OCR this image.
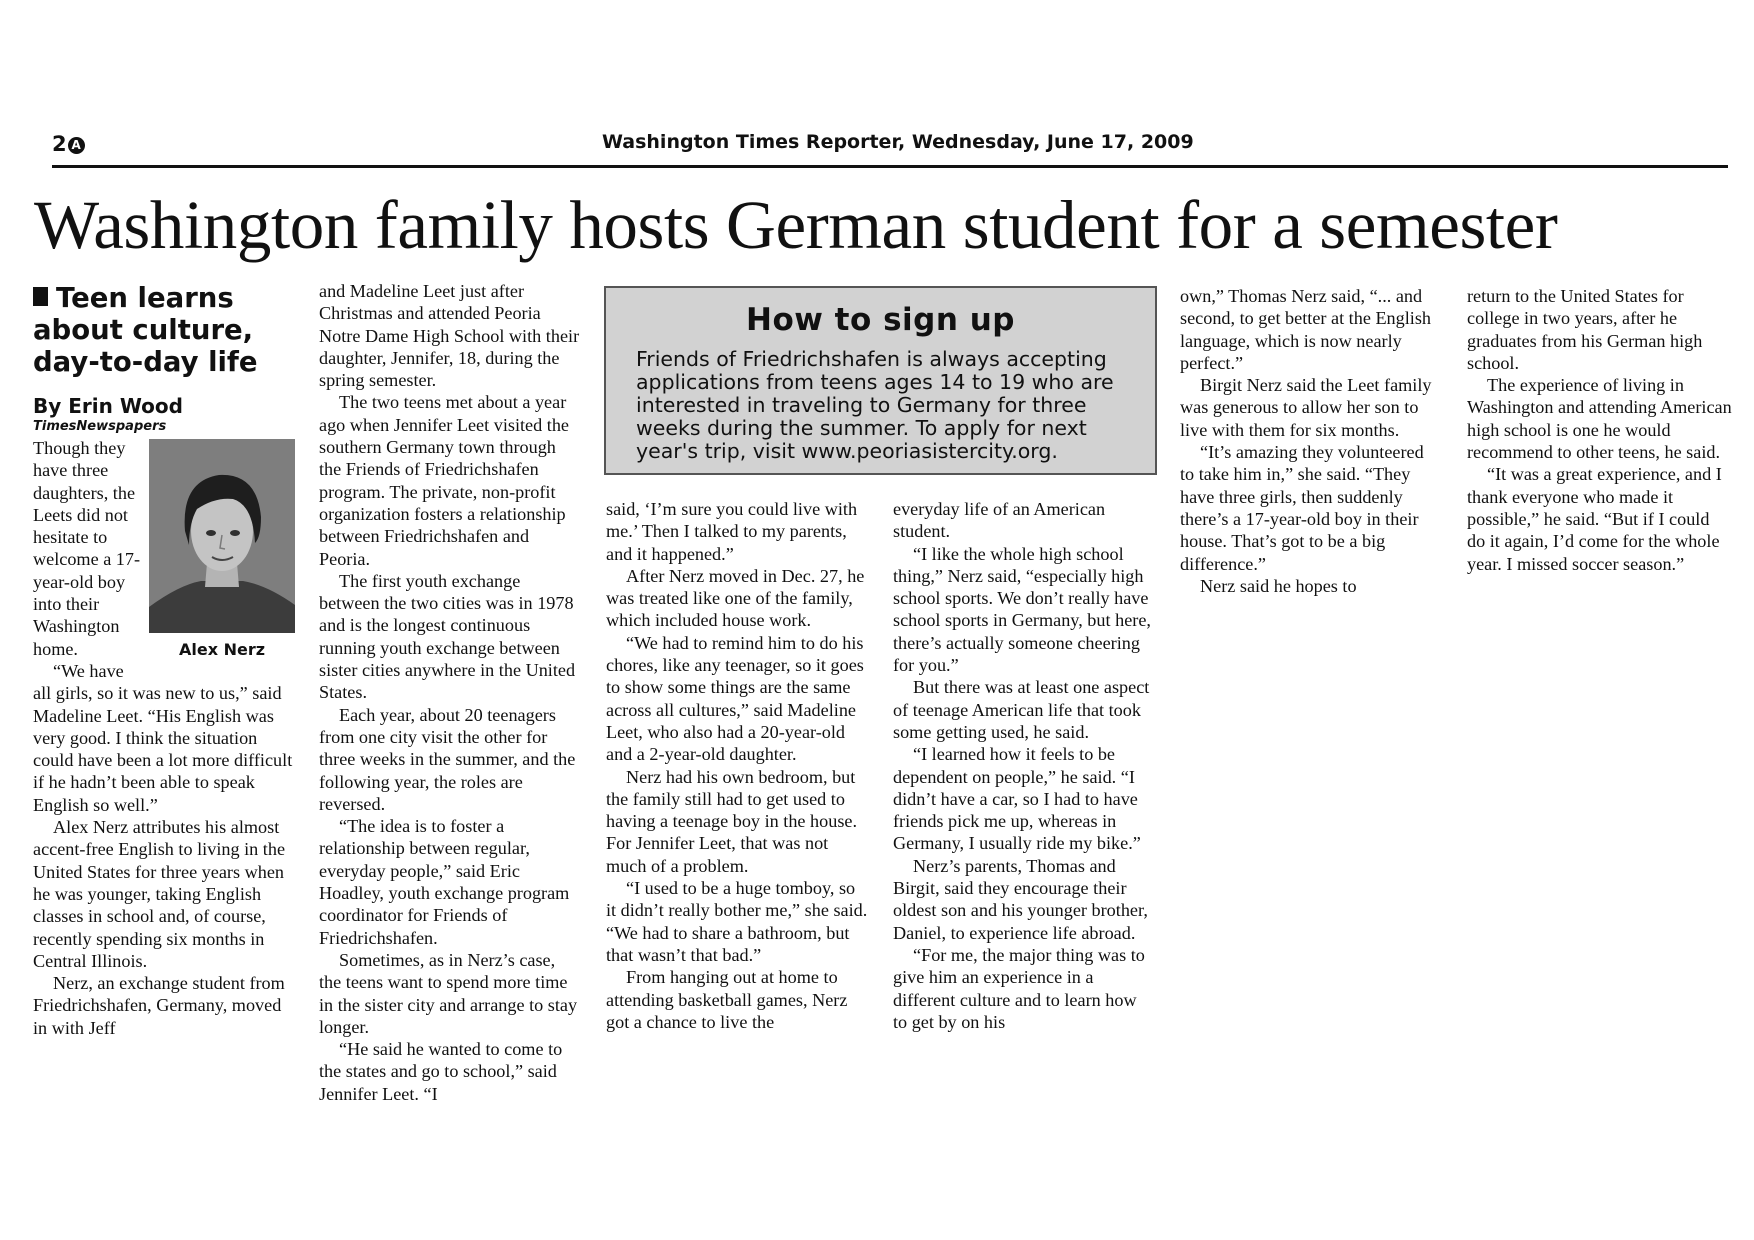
2 A	Washington Times Reporter, Wednesday, June 17, 2009
Washington family hosts German student for a semester
Teen learns about culture, day-to-day life
By Erin Wood
TimesNewspapers
Alex Nerz

Though they have three daughters, the Leets did not hesitate to welcome a 17-year-old boy into their Washington home.

“We have all girls, so it was new to us,” said Madeline Leet. “His English was very good. I think the situation could have been a lot more difficult if he hadn’t been able to speak English so well.”

Alex Nerz attributes his almost accent-free English to living in the United States for three years when he was younger, taking English classes in school and, of course, recently spending six months in Central Illinois.

Nerz, an exchange student from Friedrichshafen, Germany, moved in with Jeff

and Madeline Leet just after Christmas and attended Peoria Notre Dame High School with their daughter, Jennifer, 18, during the spring semester.

The two teens met about a year ago when Jennifer Leet visited the southern Germany town through the Friends of Friedrichshafen program. The private, non-profit organization fosters a relationship between Friedrichshafen and Peoria.

The first youth exchange between the two cities was in 1978 and is the longest continuous running youth exchange between sister cities anywhere in the United States.

Each year, about 20 teenagers from one city visit the other for three weeks in the summer, and the following year, the roles are reversed.

“The idea is to foster a relationship between regular, everyday people,” said Eric Hoadley, youth exchange program coordinator for Friends of Friedrichshafen.

Sometimes, as in Nerz’s case, the teens want to spend more time in the sister city and arrange to stay longer.

“He said he wanted to come to the states and go to school,” said Jennifer Leet. “I

How to sign up
Friends of Friedrichshafen is always accepting applications from teens ages 14 to 19 who are interested in traveling to Germany for three weeks during the summer. To apply for next year's trip, visit www.peoriasistercity.org.

said, ‘I’m sure you could live with me.’ Then I talked to my parents, and it happened.”

After Nerz moved in Dec. 27, he was treated like one of the family, which included house work.

“We had to remind him to do his chores, like any teenager, so it goes to show some things are the same across all cultures,” said Madeline Leet, who also had a 20-year-old and a 2-year-old daughter.

Nerz had his own bedroom, but the family still had to get used to having a teenage boy in the house. For Jennifer Leet, that was not much of a problem.

“I used to be a huge tomboy, so it didn’t really bother me,” she said. “We had to share a bathroom, but that wasn’t that bad.”

From hanging out at home to attending basketball games, Nerz got a chance to live the

everyday life of an American student.

“I like the whole high school thing,” Nerz said, “especially high school sports. We don’t really have school sports in Germany, but here, there’s actually someone cheering for you.”

But there was at least one aspect of teenage American life that took some getting used, he said.

“I learned how it feels to be dependent on people,” he said. “I didn’t have a car, so I had to have friends pick me up, whereas in Germany, I usually ride my bike.”

Nerz’s parents, Thomas and Birgit, said they encourage their oldest son and his younger brother, Daniel, to experience life abroad.

“For me, the major thing was to give him an experience in a different culture and to learn how to get by on his

own,” Thomas Nerz said, “... and second, to get better at the English language, which is now nearly perfect.”

Birgit Nerz said the Leet family was generous to allow her son to live with them for six months.

“It’s amazing they volunteered to take him in,” she said. “They have three girls, then suddenly there’s a 17-year-old boy in their house. That’s got to be a big difference.”

Nerz said he hopes to

return to the United States for college in two years, after he graduates from his German high school.

The experience of living in Washington and attending American high school is one he would recommend to other teens, he said.

“It was a great experience, and I thank everyone who made it possible,” he said. “But if I could do it again, I’d come for the whole year. I missed soccer season.”
